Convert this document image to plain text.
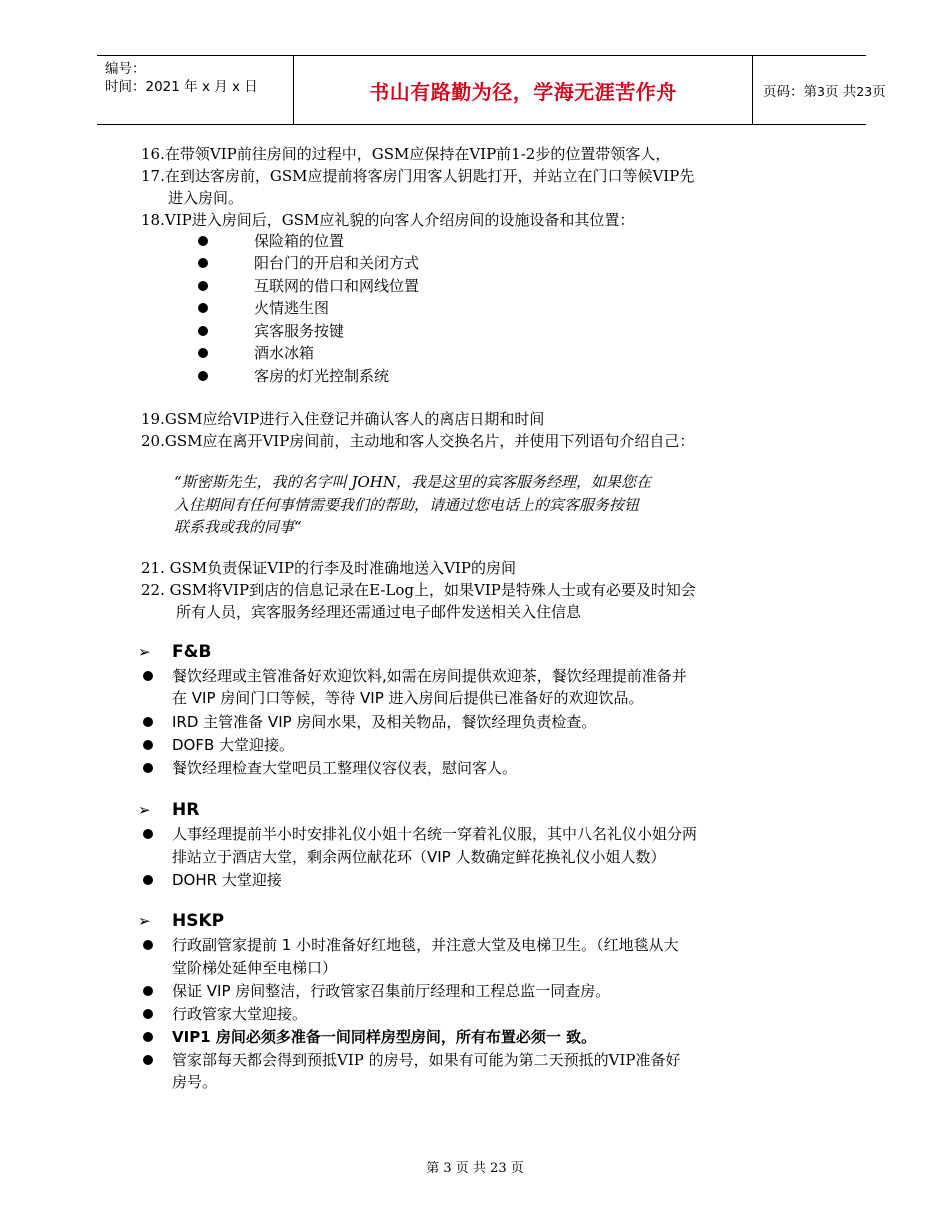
编号：
时间：2021 年 x 月 x 日	书山有路勤为径，学海无涯苦作舟	页码：第3页 共23页
16.在带领VIP前往房间的过程中，GSM应保持在VIP前1-2步的位置带领客人，
17.在到达客房前，GSM应提前将客房门用客人钥匙打开，并站立在门口等候VIP先
进入房间。
18.VIP进入房间后，GSM应礼貌的向客人介绍房间的设施设备和其位置：
保险箱的位置
阳台门的开启和关闭方式
互联网的借口和网线位置
火情逃生图
宾客服务按键
酒水冰箱
客房的灯光控制系统
19.GSM应给VIP进行入住登记并确认客人的离店日期和时间
20.GSM应在离开VIP房间前，主动地和客人交换名片，并使用下列语句介绍自己：
“斯密斯先生，我的名字叫 JOHN，我是这里的宾客服务经理，如果您在
入住期间有任何事情需要我们的帮助，请通过您电话上的宾客服务按钮
联系我或我的同事“
21. GSM负责保证VIP的行李及时准确地送入VIP的房间
22. GSM将VIP到店的信息记录在E-Log上，如果VIP是特殊人士或有必要及时知会
所有人员，宾客服务经理还需通过电子邮件发送相关入住信息
➢ F&B
餐饮经理或主管准备好欢迎饮料,如需在房间提供欢迎茶，餐饮经理提前准备并
在 VIP 房间门口等候，等待 VIP 进入房间后提供已准备好的欢迎饮品。
IRD 主管准备 VIP 房间水果，及相关物品，餐饮经理负责检查。
DOFB 大堂迎接。
餐饮经理检查大堂吧员工整理仪容仪表，慰问客人。
➢ HR
人事经理提前半小时安排礼仪小姐十名统一穿着礼仪服，其中八名礼仪小姐分两
排站立于酒店大堂，剩余两位献花环（VIP 人数确定鲜花换礼仪小姐人数）
DOHR 大堂迎接
➢ HSKP
行政副管家提前 1 小时准备好红地毯，并注意大堂及电梯卫生。（红地毯从大
堂阶梯处延伸至电梯口）
保证 VIP 房间整洁，行政管家召集前厅经理和工程总监一同查房。
行政管家大堂迎接。
VIP1 房间必须多准备一间同样房型房间，所有布置必须一 致。
管家部每天都会得到预抵VIP 的房号，如果有可能为第二天预抵的VIP准备好
房号。
第 3 页 共 23 页
